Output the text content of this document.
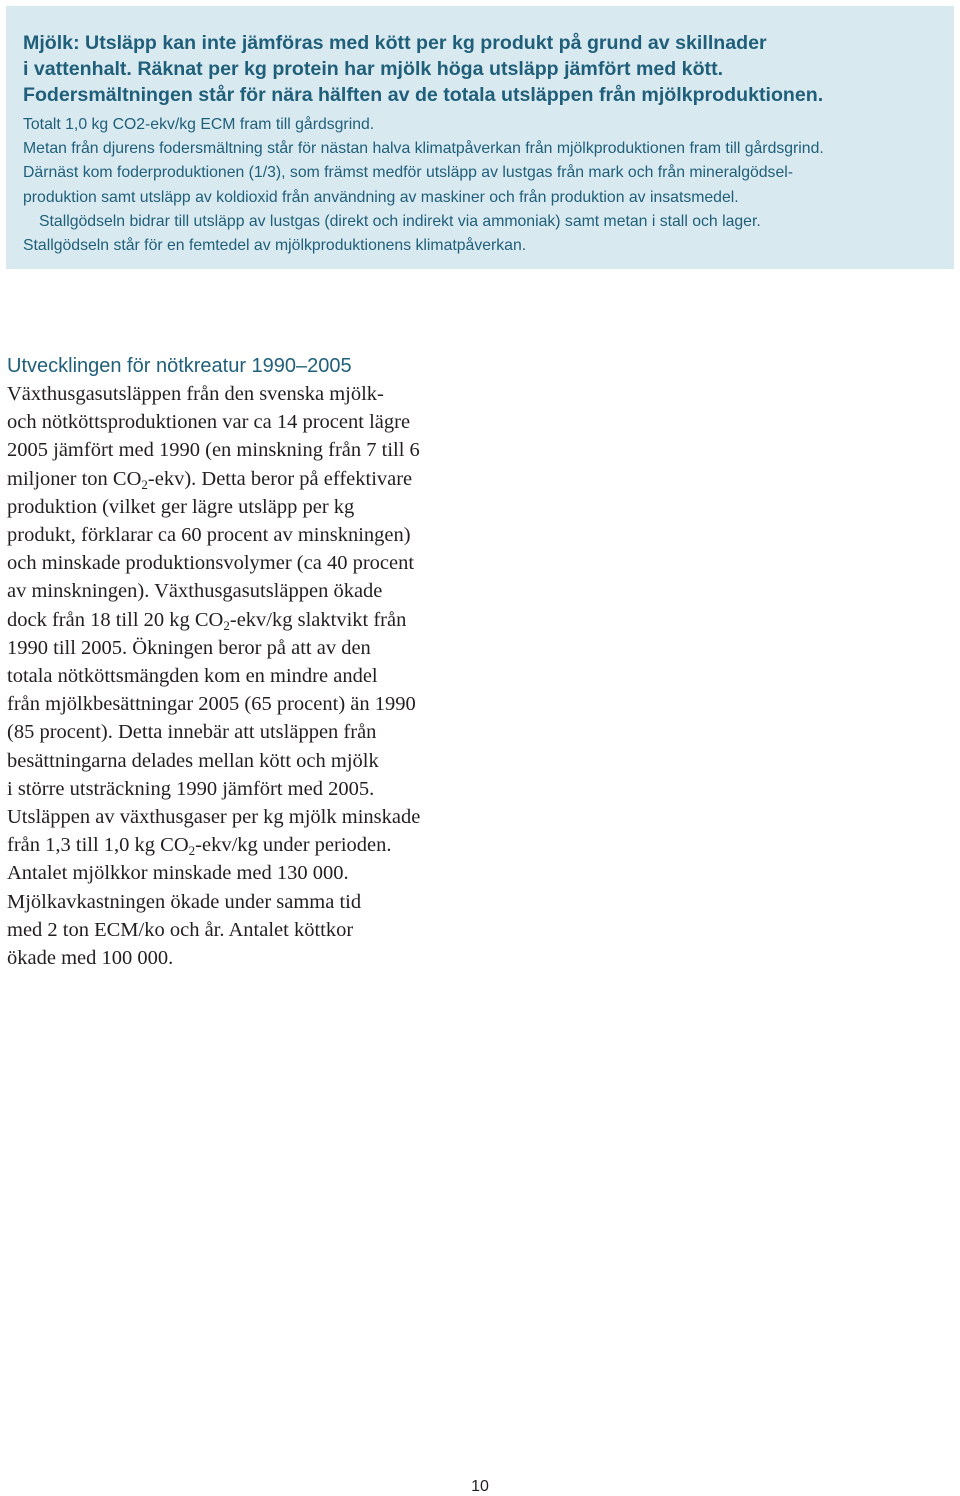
Mjölk: Utsläpp kan inte jämföras med kött per kg produkt på grund av skillnader
i vattenhalt. Räknat per kg protein har mjölk höga utsläpp jämfört med kött.
Fodersmältningen står för nära hälften av de totala utsläppen från mjölkproduktionen.
Totalt 1,0 kg CO2-ekv/kg ECM fram till gårdsgrind.
Metan från djurens fodersmältning står för nästan halva klimatpåverkan från mjölkproduktionen fram till gårdsgrind.
Därnäst kom foderproduktionen (1/3), som främst medför utsläpp av lustgas från mark och från mineralgödsel-
produktion samt utsläpp av koldioxid från användning av maskiner och från produktion av insatsmedel.
Stallgödseln bidrar till utsläpp av lustgas (direkt och indirekt via ammoniak) samt metan i stall och lager.
Stallgödseln står för en femtedel av mjölkproduktionens klimatpåverkan.
Utvecklingen för nötkreatur 1990–2005

Växthusgasutsläppen från den svenska mjölk-
och nötköttsproduktionen var ca 14 procent lägre
2005 jämfört med 1990 (en minskning från 7 till 6
miljoner ton $CO_2-ekv$). Detta beror på effektivare
produktion (vilket ger lägre utsläpp per kg
produkt, förklarar ca 60 procent av minskningen)
och minskade produktionsvolymer (ca 40 procent
av minskningen). Växthusgasutsläppen ökade
dock från 18 till 20 kg $CO_2-ekv/kg$ slaktvikt från
1990 till 2005. Ökningen beror på att av den
totala nötköttsmängden kom en mindre andel
från mjölkbesättningar 2005 (65 procent) än 1990
(85 procent). Detta innebär att utsläppen från
besättningarna delades mellan kött och mjölk
i större utsträckning 1990 jämfört med 2005.
Utsläppen av växthusgaser per kg mjölk minskade
från 1,3 till 1,0 kg $CO_2-ekv/kg$ under perioden.
Antalet mjölkkor minskade med 130 000.
Mjölkavkastningen ökade under samma tid
med 2 ton ECM/ko och år. Antalet köttkor
ökade med 100 000.

10
